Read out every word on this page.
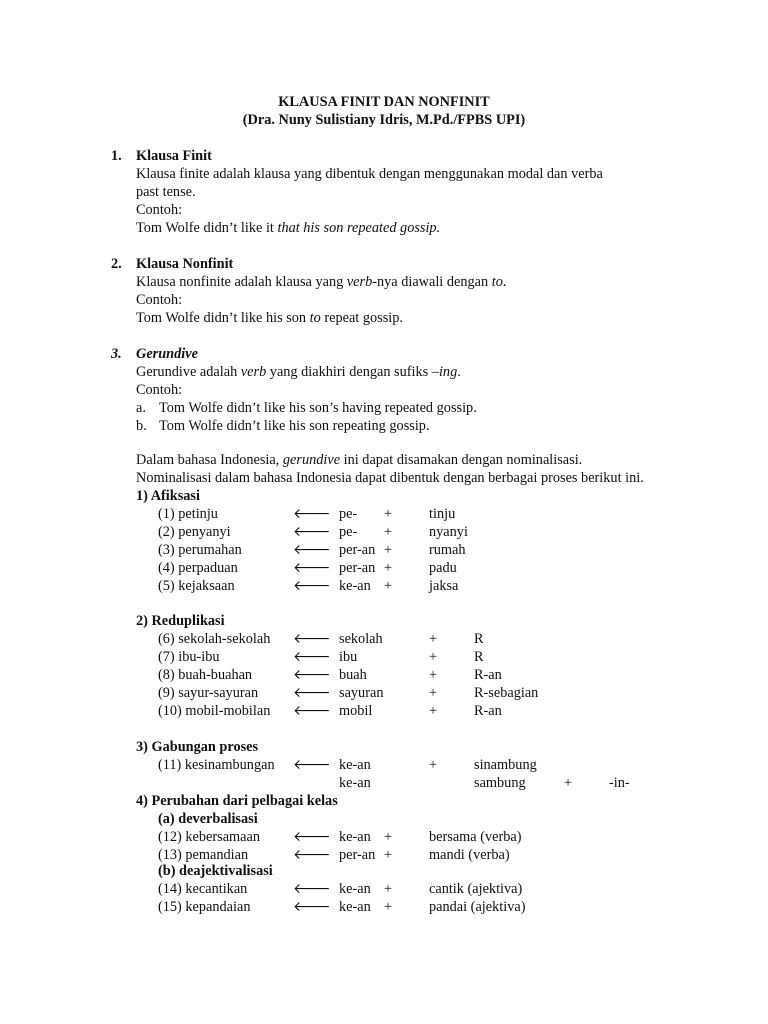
KLAUSA FINIT DAN NONFINIT
(Dra. Nuny Sulistiany Idris, M.Pd./FPBS UPI)
1. Klausa Finit
Klausa finite adalah klausa yang dibentuk dengan menggunakan modal dan verba
past tense.
Contoh:
Tom Wolfe didn’t like it that his son repeated gossip.
2. Klausa Nonfinit
Klausa nonfinite adalah klausa yang verb-nya diawali dengan to.
Contoh:
Tom Wolfe didn’t like his son to repeat gossip.
3. Gerundive
Gerundive adalah verb yang diakhiri dengan sufiks –ing.
Contoh:
a. Tom Wolfe didn’t like his son’s having repeated gossip.
b. Tom Wolfe didn’t like his son repeating gossip.
Dalam bahasa Indonesia, gerundive ini dapat disamakan dengan nominalisasi.
Nominalisasi dalam bahasa Indonesia dapat dibentuk dengan berbagai proses berikut ini.
1) Afiksasi
(1) petinju	🡐 pe- +	tinju
(2) penyanyi	🡐 pe- +	nyanyi
(3) perumahan	🡐 per-an +	rumah
(4) perpaduan	🡐 per-an +	padu
(5) kejaksaan	🡐 ke-an +	jaksa
2) Reduplikasi
(6) sekolah-sekolah 🡐 sekolah	+	R
(7) ibu-ibu	🡐 ibu	+	R
(8) buah-buahan	🡐 buah	+	R-an
(9) sayur-sayuran 🡐 sayuran	+	R-sebagian
(10) mobil-mobilan 🡐 mobil	+	R-an
3) Gabungan proses
(11) kesinambungan 🡐 ke-an	+	sinambung
ke-an	sambung	+	-in-
4) Perubahan dari pelbagai kelas
(a) deverbalisasi
(12) kebersamaan 🡐 ke-an +	bersama (verba)
(13) pemandian	🡐 per-an +	mandi (verba)
(b) deajektivalisasi
(14) kecantikan	🡐 ke-an +	cantik (ajektiva)
(15) kepandaian	🡐 ke-an +	pandai (ajektiva)
